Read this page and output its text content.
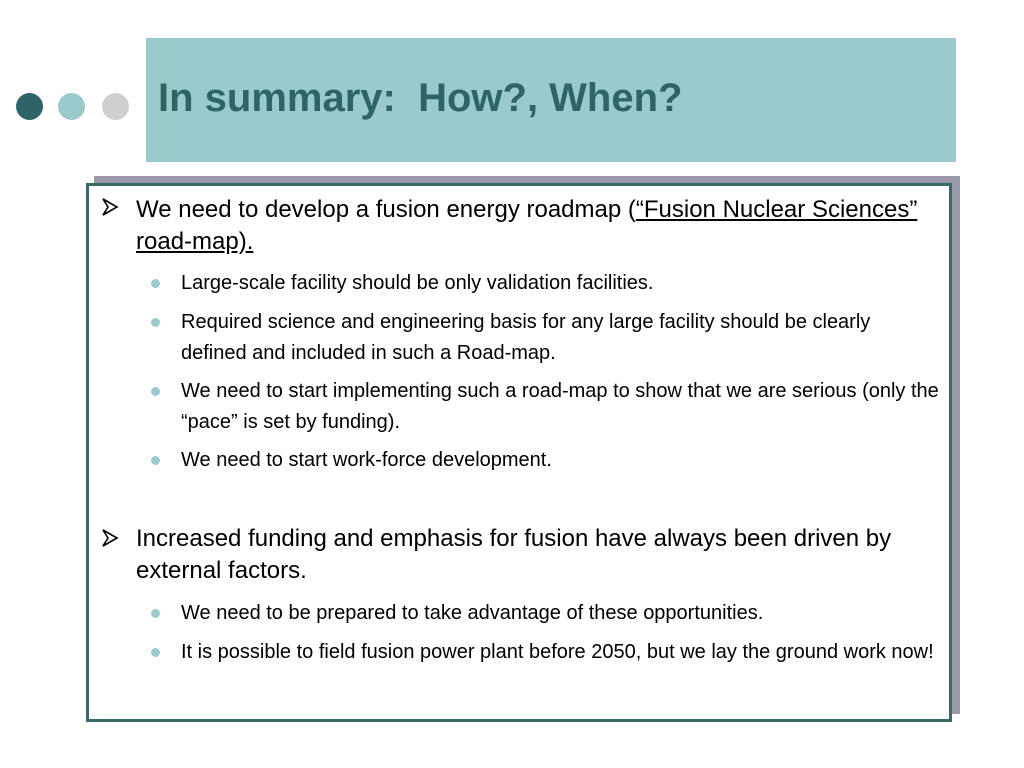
In summary:  How?, When?
We need to develop a fusion energy roadmap (“Fusion Nuclear Sciences” road-map).
Large-scale facility should be only validation facilities.
Required science and engineering basis for any large facility should be clearly defined and included in such a Road-map.
We need to start implementing such a road-map to show that we are serious (only the “pace” is set by funding).
We need to start work-force development.
Increased funding and emphasis for fusion have always been driven by external factors.
We need to be prepared to take advantage of these opportunities.
It is possible to field fusion power plant before 2050, but we lay the ground work now!
